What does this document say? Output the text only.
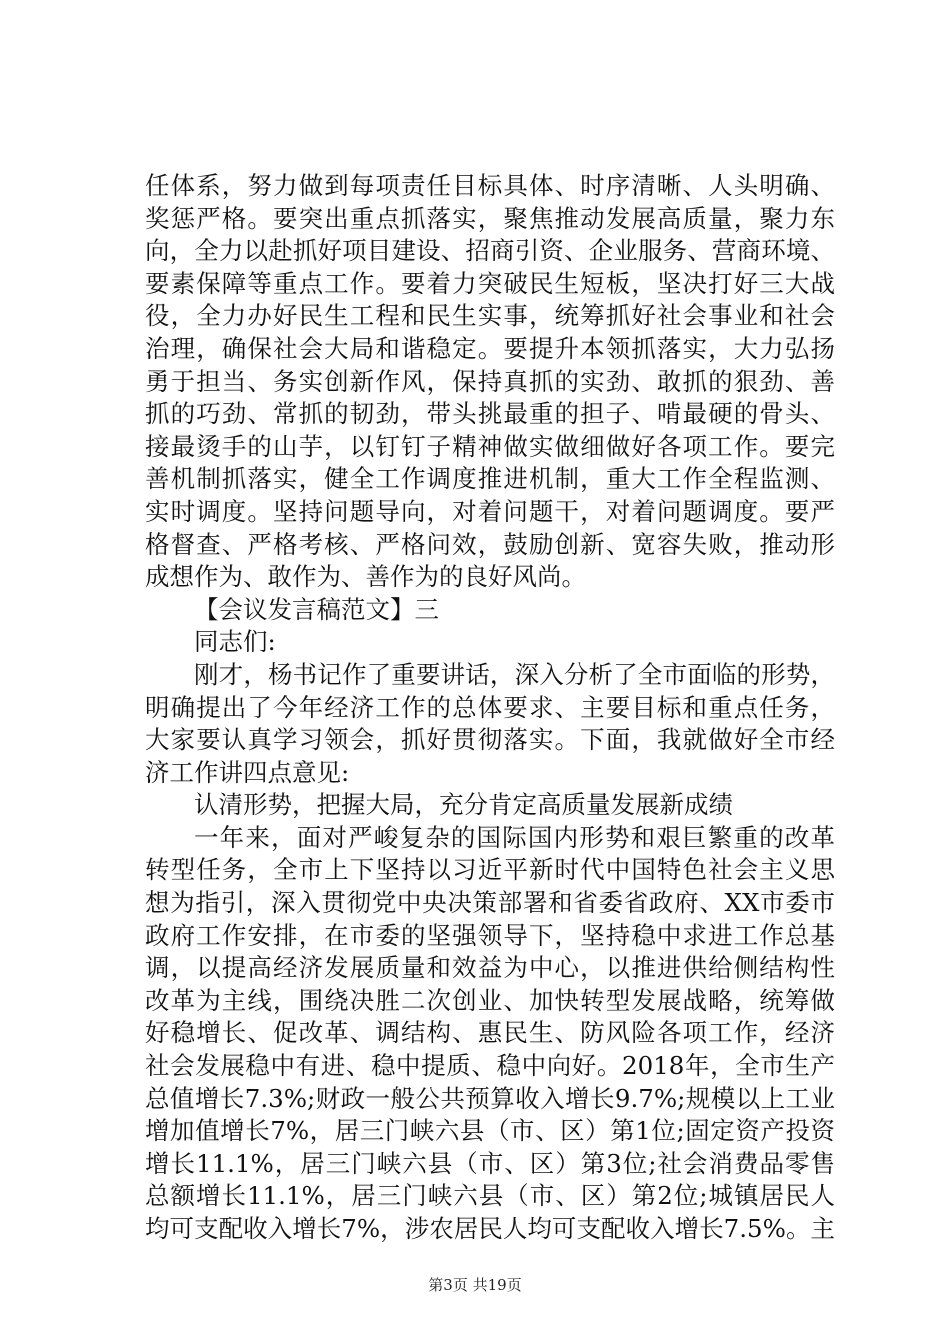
任体系，努力做到每项责任目标具体、时序清晰、人头明确、
奖惩严格。要突出重点抓落实，聚焦推动发展高质量，聚力东
向，全力以赴抓好项目建设、招商引资、企业服务、营商环境、
要素保障等重点工作。要着力突破民生短板，坚决打好三大战
役，全力办好民生工程和民生实事，统筹抓好社会事业和社会
治理，确保社会大局和谐稳定。要提升本领抓落实，大力弘扬
勇于担当、务实创新作风，保持真抓的实劲、敢抓的狠劲、善
抓的巧劲、常抓的韧劲，带头挑最重的担子、啃最硬的骨头、
接最烫手的山芋，以钉钉子精神做实做细做好各项工作。要完
善机制抓落实，健全工作调度推进机制，重大工作全程监测、
实时调度。坚持问题导向，对着问题干，对着问题调度。要严
格督查、严格考核、严格问效，鼓励创新、宽容失败，推动形
成想作为、敢作为、善作为的良好风尚。
【会议发言稿范文】三
同志们:
刚才，杨书记作了重要讲话，深入分析了全市面临的形势，
明确提出了今年经济工作的总体要求、主要目标和重点任务，
大家要认真学习领会，抓好贯彻落实。下面，我就做好全市经
济工作讲四点意见:
认清形势，把握大局，充分肯定高质量发展新成绩
一年来，面对严峻复杂的国际国内形势和艰巨繁重的改革
转型任务，全市上下坚持以习近平新时代中国特色社会主义思
想为指引，深入贯彻党中央决策部署和省委省政府、XX市委市
政府工作安排，在市委的坚强领导下，坚持稳中求进工作总基
调，以提高经济发展质量和效益为中心，以推进供给侧结构性
改革为主线，围绕决胜二次创业、加快转型发展战略，统筹做
好稳增长、促改革、调结构、惠民生、防风险各项工作，经济
社会发展稳中有进、稳中提质、稳中向好。2018年，全市生产
总值增长7.3%;财政一般公共预算收入增长9.7%;规模以上工业
增加值增长7%，居三门峡六县（市、区）第1位;固定资产投资
增长11.1%，居三门峡六县（市、区）第3位;社会消费品零售
总额增长11.1%，居三门峡六县（市、区）第2位;城镇居民人
均可支配收入增长7%，涉农居民人均可支配收入增长7.5%。主
第3页 共19页
